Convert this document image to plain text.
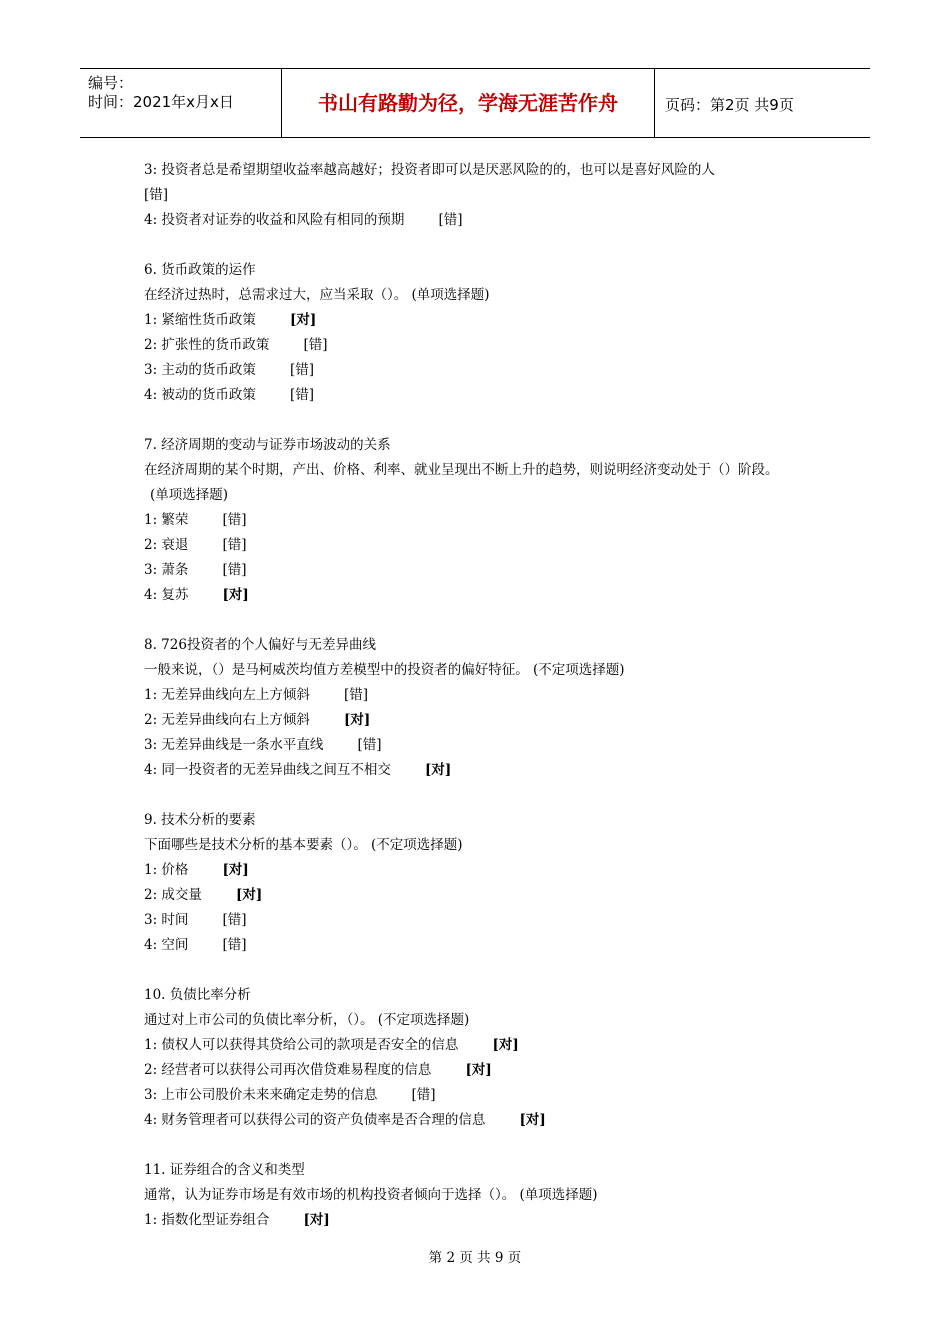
编号：
时间：2021年x月x日	书山有路勤为径，学海无涯苦作舟	页码：第2页 共9页
3: 投资者总是希望期望收益率越高越好；投资者即可以是厌恶风险的的，也可以是喜好风险的人
[错]
4: 投资者对证券的收益和风险有相同的预期	[错]
6. 货币政策的运作
在经济过热时，总需求过大，应当采取（）。 (单项选择题)
1: 紧缩性货币政策	[对]
2: 扩张性的货币政策	[错]
3: 主动的货币政策	[错]
4: 被动的货币政策	[错]
7. 经济周期的变动与证券市场波动的关系
在经济周期的某个时期，产出、价格、利率、就业呈现出不断上升的趋势，则说明经济变动处于（）阶段。
(单项选择题)
1: 繁荣	[错]
2: 衰退	[错]
3: 萧条	[错]
4: 复苏	[对]
8. 726投资者的个人偏好与无差异曲线
一般来说，（）是马柯威茨均值方差模型中的投资者的偏好特征。 (不定项选择题)
1: 无差异曲线向左上方倾斜	[错]
2: 无差异曲线向右上方倾斜	[对]
3: 无差异曲线是一条水平直线	[错]
4: 同一投资者的无差异曲线之间互不相交	[对]
9. 技术分析的要素
下面哪些是技术分析的基本要素（）。 (不定项选择题)
1: 价格	[对]
2: 成交量	[对]
3: 时间	[错]
4: 空间	[错]
10. 负债比率分析
通过对上市公司的负债比率分析，（）。 (不定项选择题)
1: 债权人可以获得其贷给公司的款项是否安全的信息	[对]
2: 经营者可以获得公司再次借贷难易程度的信息	[对]
3: 上市公司股价未来来确定走势的信息	[错]
4: 财务管理者可以获得公司的资产负债率是否合理的信息	[对]
11. 证券组合的含义和类型
通常，认为证券市场是有效市场的机构投资者倾向于选择（）。 (单项选择题)
1: 指数化型证券组合	[对]
第 2 页 共 9 页
